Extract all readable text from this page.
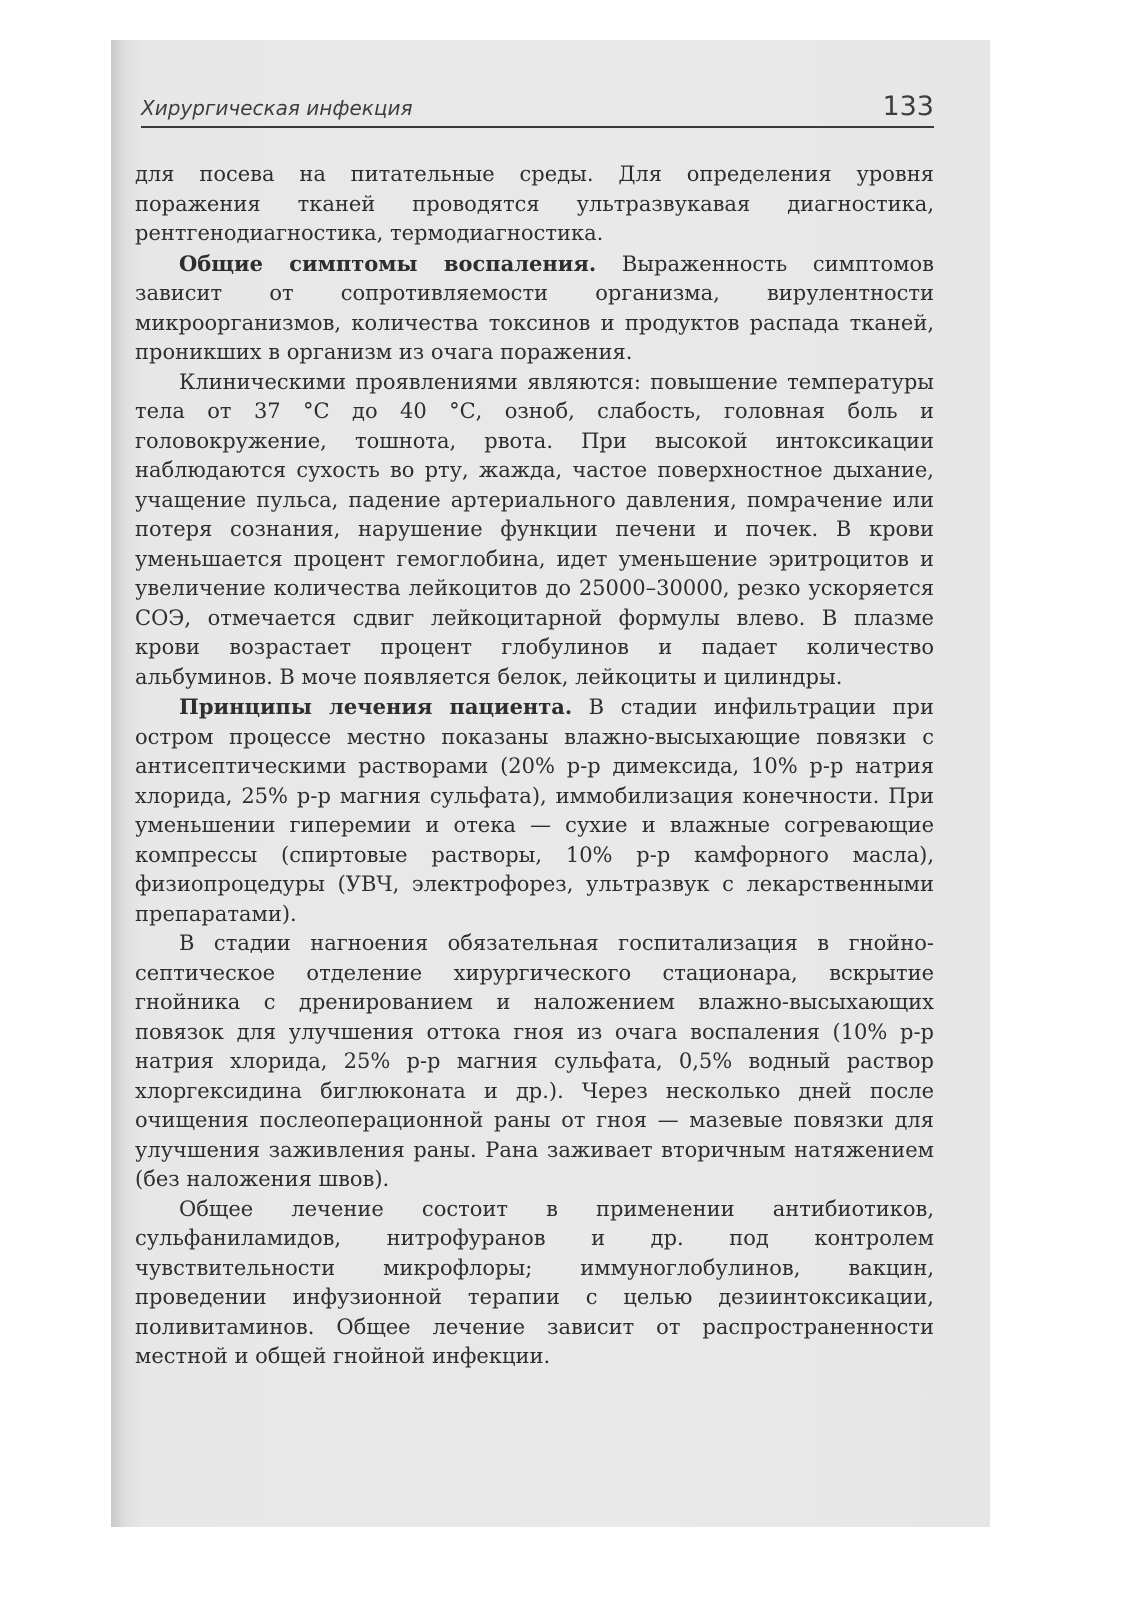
Хирургическая инфекция	133

для посева на питательные среды. Для определения уровня поражения тканей проводятся ультразвукавая диагностика, рентгенодиагностика, термодиагностика.

Общие симптомы воспаления. Выраженность симптомов зависит от сопротивляемости организма, вирулентности микроорганизмов, количества токсинов и продуктов распада тканей, проникших в организм из очага поражения.

Клиническими проявлениями являются: повышение температуры тела от 37 °С до 40 °С, озноб, слабость, головная боль и головокружение, тошнота, рвота. При высокой интоксикации наблюдаются сухость во рту, жажда, частое поверхностное дыхание, учащение пульса, падение артериального давления, помрачение или потеря сознания, нарушение функции печени и почек. В крови уменьшается процент гемоглобина, идет уменьшение эритроцитов и увеличение количества лейкоцитов до 25000–30000, резко ускоряется СОЭ, отмечается сдвиг лейкоцитарной формулы влево. В плазме крови возрастает процент глобулинов и падает количество альбуминов. В моче появляется белок, лейкоциты и цилиндры.

Принципы лечения пациента. В стадии инфильтрации при остром процессе местно показаны влажно-высыхающие повязки с антисептическими растворами (20% р-р димексида, 10% р-р натрия хлорида, 25% р-р магния сульфата), иммобилизация конечности. При уменьшении гиперемии и отека — сухие и влажные согревающие компрессы (спиртовые растворы, 10% р-р камфорного масла), физиопроцедуры (УВЧ, электрофорез, ультразвук с лекарственными препаратами).

В стадии нагноения обязательная госпитализация в гнойно-септическое отделение хирургического стационара, вскрытие гнойника с дренированием и наложением влажно-высыхающих повязок для улучшения оттока гноя из очага воспаления (10% р-р натрия хлорида, 25% р-р магния сульфата, 0,5% водный раствор хлоргексидина биглюконата и др.). Через несколько дней после очищения послеоперационной раны от гноя — мазевые повязки для улучшения заживления раны. Рана заживает вторичным натяжением (без наложения швов).

Общее лечение состоит в применении антибиотиков, сульфаниламидов, нитрофуранов и др. под контролем чувствительности микрофлоры; иммуноглобулинов, вакцин, проведении инфузионной терапии с целью дезиинтоксикации, поливитаминов. Общее лечение зависит от распространенности местной и общей гнойной инфекции.
